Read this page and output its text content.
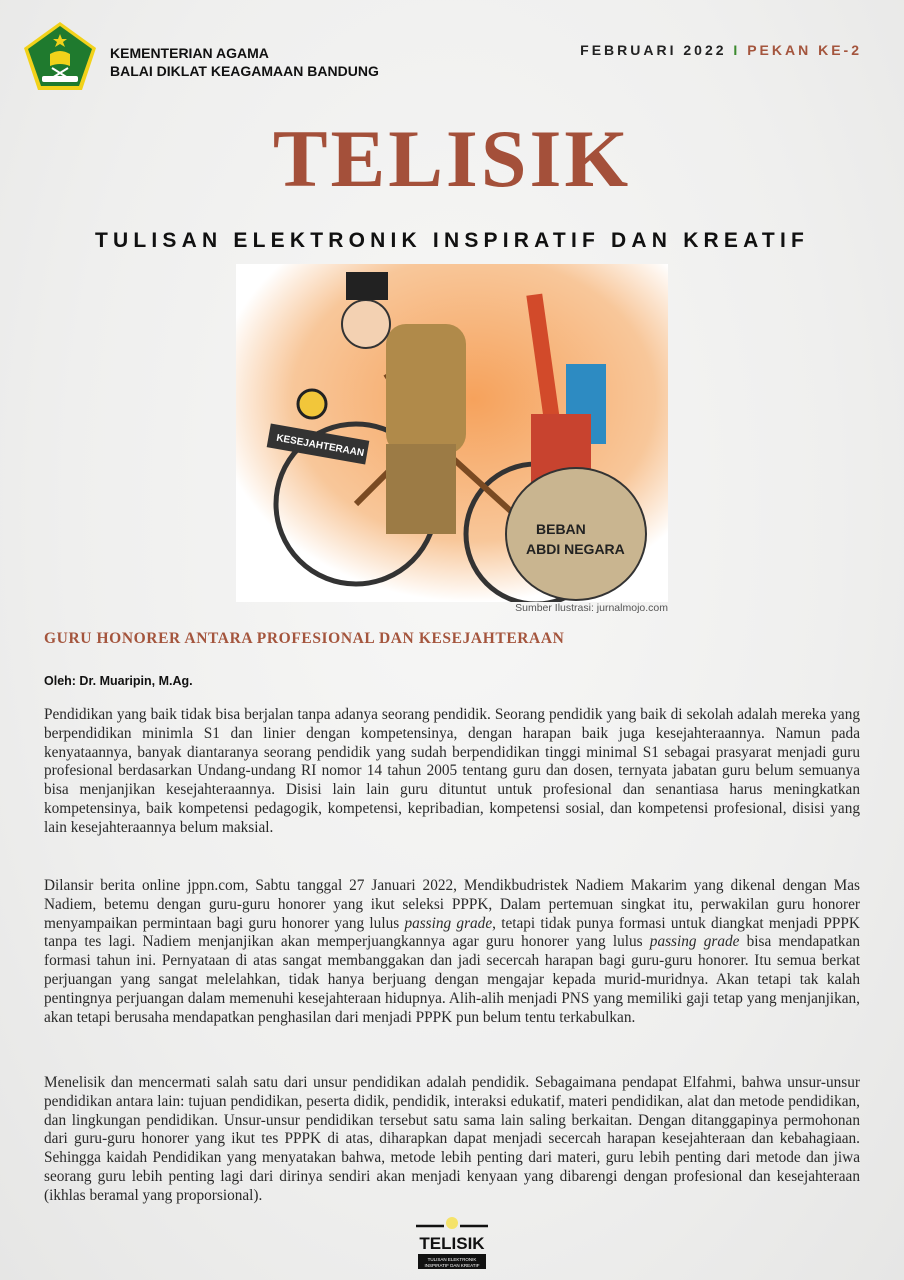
KEMENTERIAN AGAMA
BALAI DIKLAT KEAGAMAAN BANDUNG
FEBRUARI 2022 I PEKAN KE-2
TELISIK
TULISAN ELEKTRONIK INSPIRATIF DAN KREATIF
KESEJAHTERAAN
BEBAN
ABDI NEGARA
Sumber Ilustrasi: jurnalmojo.com
GURU HONORER ANTARA PROFESIONAL DAN KESEJAHTERAAN
Oleh: Dr. Muaripin, M.Ag.

Pendidikan yang baik tidak bisa berjalan tanpa adanya seorang pendidik. Seorang pendidik yang baik di sekolah adalah mereka yang berpendidikan minimla S1 dan linier dengan kompetensinya, dengan harapan baik juga kesejahteraannya. Namun pada kenyataannya, banyak diantaranya seorang pendidik yang sudah berpendidikan tinggi minimal S1 sebagai prasyarat menjadi guru profesional berdasarkan Undang-undang RI nomor 14 tahun 2005 tentang guru dan dosen, ternyata jabatan guru belum semuanya bisa menjanjikan kesejahteraannya. Disisi lain lain guru dituntut untuk profesional dan senantiasa harus meningkatkan kompetensinya, baik kompetensi pedagogik, kompetensi, kepribadian, kompetensi sosial, dan kompetensi profesional, disisi yang lain kesejahteraannya belum maksial.

Dilansir berita online jppn.com, Sabtu tanggal 27 Januari 2022, Mendikbudristek Nadiem Makarim yang dikenal dengan Mas Nadiem, betemu dengan guru-guru honorer yang ikut seleksi PPPK, Dalam pertemuan singkat itu, perwakilan guru honorer menyampaikan permintaan bagi guru honorer yang lulus passing grade, tetapi tidak punya formasi untuk diangkat menjadi PPPK tanpa tes lagi. Nadiem menjanjikan akan memperjuangkannya agar guru honorer yang lulus passing grade bisa mendapatkan formasi tahun ini. Pernyataan di atas sangat membanggakan dan jadi secercah harapan bagi guru-guru honorer. Itu semua berkat perjuangan yang sangat melelahkan, tidak hanya berjuang dengan mengajar kepada murid-muridnya. Akan tetapi tak kalah pentingnya perjuangan dalam memenuhi kesejahteraan hidupnya. Alih-alih menjadi PNS yang memiliki gaji tetap yang menjanjikan, akan tetapi berusaha mendapatkan penghasilan dari menjadi PPPK pun belum tentu terkabulkan.

Menelisik dan mencermati salah satu dari unsur pendidikan adalah pendidik. Sebagaimana pendapat Elfahmi, bahwa unsur-unsur pendidikan antara lain: tujuan pendidikan, peserta didik, pendidik, interaksi edukatif, materi pendidikan, alat dan metode pendidikan, dan lingkungan pendidikan. Unsur-unsur pendidikan tersebut satu sama lain saling berkaitan. Dengan ditanggapinya permohonan dari guru-guru honorer yang ikut tes PPPK di atas, diharapkan dapat menjadi secercah harapan kesejahteraan dan kebahagiaan. Sehingga kaidah Pendidikan yang menyatakan bahwa, metode lebih penting dari materi, guru lebih penting dari metode dan jiwa seorang guru lebih penting lagi dari dirinya sendiri akan menjadi kenyaan yang dibarengi dengan profesional dan kesejahteraan (ikhlas beramal yang proporsional).

TELISIK
TULISAN ELEKTRONIK
INSPIRATIF DAN KREATIF
